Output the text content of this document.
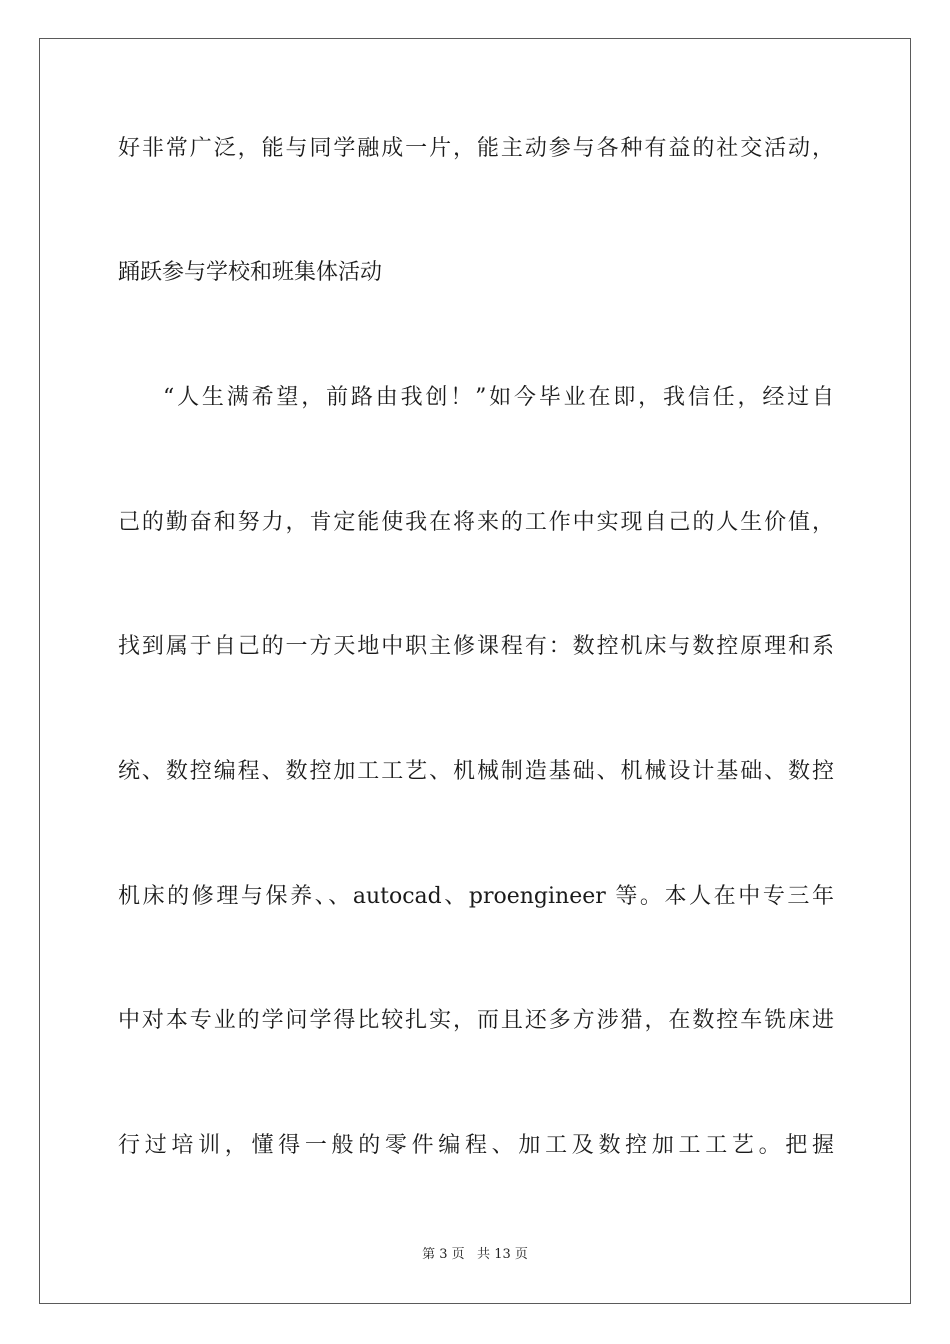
好非常广泛，能与同学融成一片，能主动参与各种有益的社交活动，
踊跃参与学校和班集体活动
“人生满希望，前路由我创！”如今毕业在即，我信任，经过自
己的勤奋和努力，肯定能使我在将来的工作中实现自己的人生价值，
找到属于自己的一方天地中职主修课程有：数控机床与数控原理和系
统、数控编程、数控加工工艺、机械制造基础、机械设计基础、数控
机床的修理与保养、、autocad、proengineer 等。本人在中专三年
中对本专业的学问学得比较扎实，而且还多方涉猎，在数控车铣床进
行过培训，懂得一般的零件编程、加工及数控加工工艺。把握
第 3 页   共 13 页
